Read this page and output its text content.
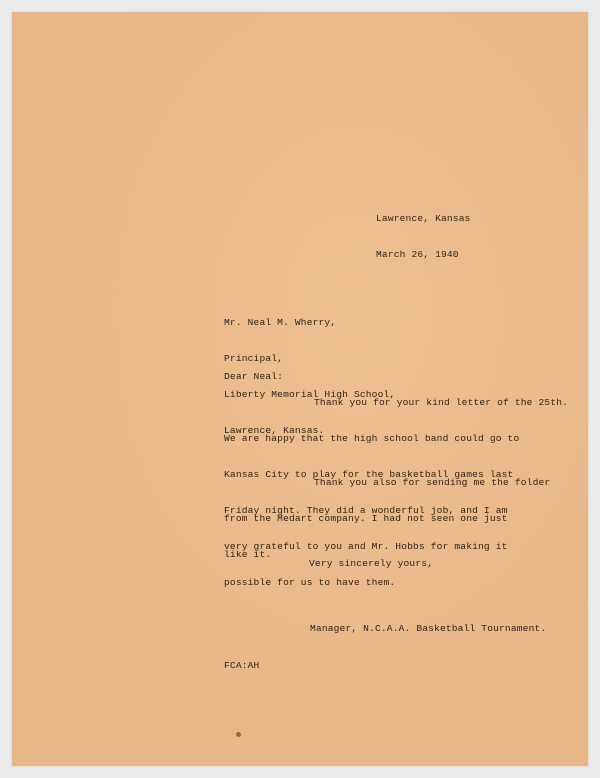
Lawrence, Kansas

March 26, 1940

Mr. Neal M. Wherry,

Principal,

Liberty Memorial High School,

Lawrence, Kansas.

Dear Neal:

Thank you for your kind letter of the 25th.

We are happy that the high school band could go to

Kansas City to play for the basketball games last

Friday night. They did a wonderful job, and I am

very grateful to you and Mr. Hobbs for making it

possible for us to have them.

Thank you also for sending me the folder

from the Medart company. I had not seen one just

like it.

Very sincerely yours,

Manager, N.C.A.A. Basketball Tournament.

FCA:AH
